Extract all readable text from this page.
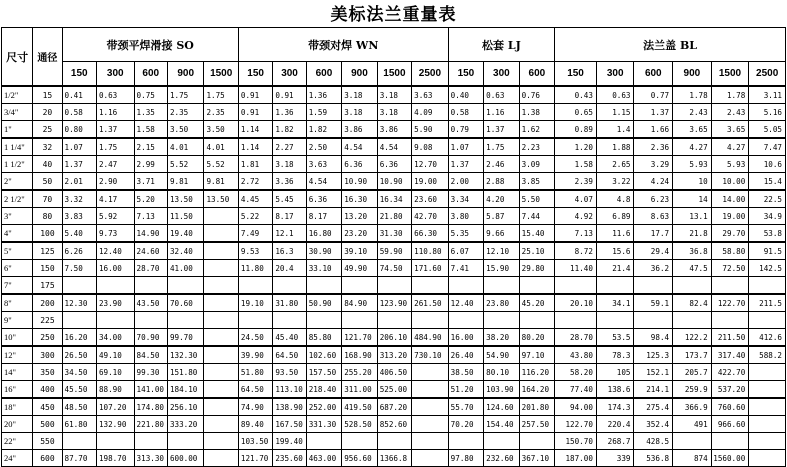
美标法兰重量表
尺寸	通径	带颈平焊滑接 SO					带颈对焊 WN						松套 LJ			法兰盖 BL					
		150	300	600	900	1500	150	300	600	900	1500	2500	150	300	600	150	300	600	900	1500	2500
1/2"	15	0.41	0.63	0.75	1.75	1.75	0.91	0.91	1.36	3.18	3.18	3.63	0.40	0.63	0.76	0.43	0.63	0.77	1.78	1.78	3.11
3/4"	20	0.58	1.16	1.35	2.35	2.35	0.91	1.36	1.59	3.18	3.18	4.09	0.58	1.16	1.38	0.65	1.15	1.37	2.43	2.43	5.16
1"	25	0.80	1.37	1.58	3.50	3.50	1.14	1.82	1.82	3.86	3.86	5.90	0.79	1.37	1.62	0.89	1.4	1.66	3.65	3.65	5.05
1 1/4"	32	1.07	1.75	2.15	4.01	4.01	1.14	2.27	2.50	4.54	4.54	9.08	1.07	1.75	2.23	1.20	1.88	2.36	4.27	4.27	7.47
1 1/2"	40	1.37	2.47	2.99	5.52	5.52	1.81	3.18	3.63	6.36	6.36	12.70	1.37	2.46	3.09	1.58	2.65	3.29	5.93	5.93	10.6
2"	50	2.01	2.90	3.71	9.81	9.81	2.72	3.36	4.54	10.90	10.90	19.00	2.00	2.88	3.85	2.39	3.22	4.24	10	10.00	15.4
2 1/2"	70	3.32	4.17	5.20	13.50	13.50	4.45	5.45	6.36	16.30	16.34	23.60	3.34	4.20	5.50	4.07	4.8	6.23	14	14.00	22.5
3"	80	3.83	5.92	7.13	11.50		5.22	8.17	8.17	13.20	21.80	42.70	3.80	5.87	7.44	4.92	6.89	8.63	13.1	19.00	34.9
4"	100	5.40	9.73	14.90	19.40		7.49	12.1	16.80	23.20	31.30	66.30	5.35	9.66	15.40	7.13	11.6	17.7	21.8	29.70	53.8
5"	125	6.26	12.40	24.60	32.40		9.53	16.3	30.90	39.10	59.90	110.80	6.07	12.10	25.10	8.72	15.6	29.4	36.8	58.80	91.5
6"	150	7.50	16.00	28.70	41.00		11.80	20.4	33.10	49.90	74.50	171.60	7.41	15.90	29.80	11.40	21.4	36.2	47.5	72.50	142.5
7"	175																				
8"	200	12.30	23.90	43.50	70.60		19.10	31.80	50.90	84.90	123.90	261.50	12.40	23.80	45.20	20.10	34.1	59.1	82.4	122.70	211.5
9"	225																				
10"	250	16.20	34.00	70.90	99.70		24.50	45.40	85.80	121.70	206.10	484.90	16.00	38.20	80.20	28.70	53.5	98.4	122.2	211.50	412.6
12"	300	26.50	49.10	84.50	132.30		39.90	64.50	102.60	168.90	313.20	730.10	26.40	54.90	97.10	43.80	78.3	125.3	173.7	317.40	588.2
14"	350	34.50	69.10	99.30	151.80		51.80	93.50	157.50	255.20	406.50		38.50	80.10	116.20	58.20	105	152.1	205.7	422.70	
16"	400	45.50	88.90	141.00	184.10		64.50	113.10	218.40	311.00	525.00		51.20	103.90	164.20	77.40	138.6	214.1	259.9	537.20	
18"	450	48.50	107.20	174.80	256.10		74.90	138.90	252.00	419.50	687.20		55.70	124.60	201.80	94.00	174.3	275.4	366.9	760.60	
20"	500	61.80	132.90	221.80	333.20		89.40	167.50	331.30	528.50	852.60		70.20	154.40	257.50	122.70	220.4	352.4	491	966.60	
22"	550						103.50	199.40								150.70	268.7	428.5			
24"	600	87.70	198.70	313.30	600.00		121.70	235.60	463.00	956.60	1366.8		97.80	232.60	367.10	187.00	339	536.8	874	1560.00	
